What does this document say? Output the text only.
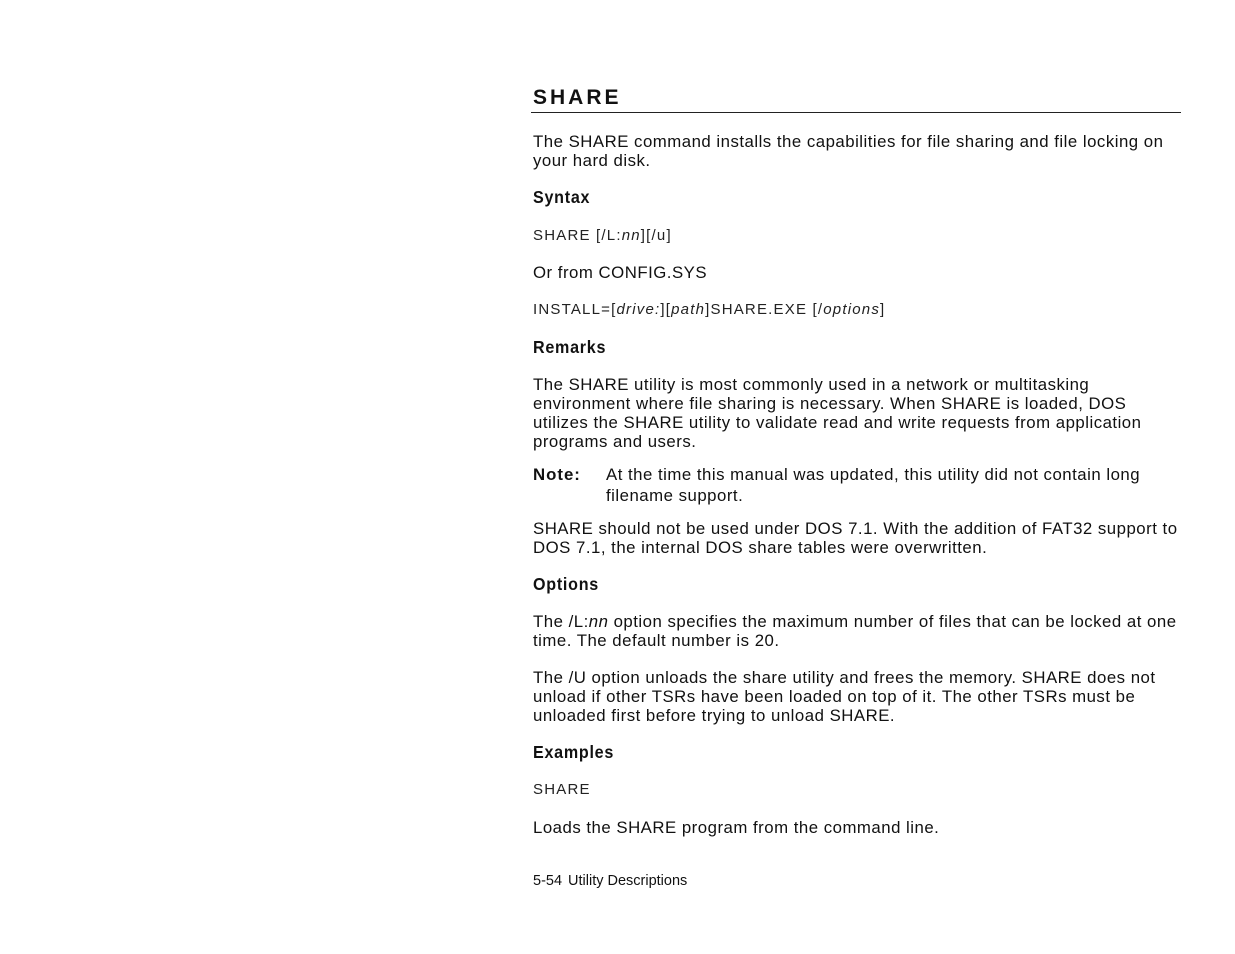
SHARE

The SHARE command installs the capabilities for file sharing and file locking on your hard disk.

Syntax
SHARE [/L:nn][/u]

Or from CONFIG.SYS

INSTALL=[drive:][path]SHARE.EXE [/options]
Remarks

The SHARE utility is most commonly used in a network or multitasking environment where file sharing is necessary. When SHARE is loaded, DOS utilizes the SHARE utility to validate read and write requests from application programs and users.

Note: At the time this manual was updated, this utility did not contain long filename support.

SHARE should not be used under DOS 7.1. With the addition of FAT32 support to DOS 7.1, the internal DOS share tables were overwritten.

Options

The /L:nn option specifies the maximum number of files that can be locked at one time. The default number is 20.

The /U option unloads the share utility and frees the memory. SHARE does not unload if other TSRs have been loaded on top of it. The other TSRs must be unloaded first before trying to unload SHARE.

Examples
SHARE

Loads the SHARE program from the command line.

5-54 Utility Descriptions
